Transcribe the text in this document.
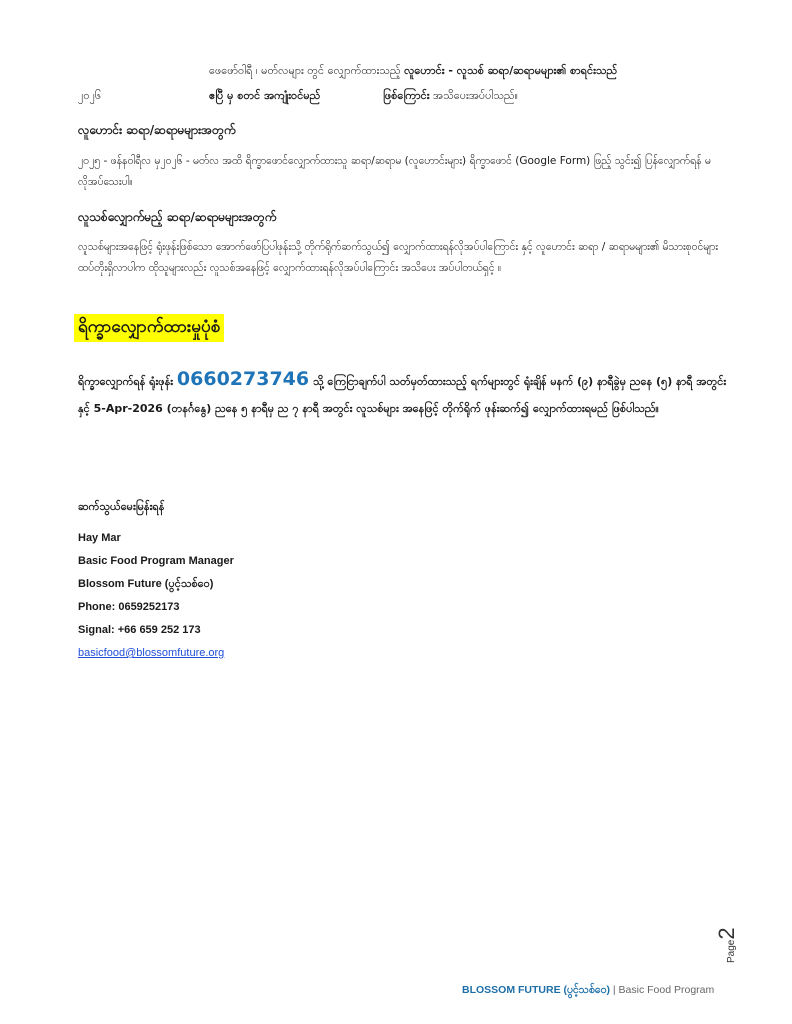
ဖေဖော်ဝါရီ ၊ မတ်လများ တွင် လျှောက်ထားသည့် လူဟောင်း - လူသစ် ဆရာ/ဆရာမများ၏ စာရင်းသည်
၂၀၂၆	ဧပြီ မှ စတင် အကျုံးဝင်မည်	ဖြစ်ကြောင်း အသိပေးအပ်ပါသည်။
လူဟောင်း ဆရာ/ဆရာမများအတွက်
၂၀၂၅ - ဖန်နဝါရီလ မှ၂၀၂၆ - မတ်လ အထိ ရိက္ခာဖောင်လျှောက်ထားသူ ဆရာ/ဆရာမ (လူဟောင်းများ) ရိက္ခာဖောင် (Google Form) ဖြည့် သွင်း၍ ပြန်လျှောက်ရန် မလိုအပ်သေးပါ။
လူသစ်လျှောက်မည့် ဆရာ/ဆရာမများအတွက်
လူသစ်များအနေဖြင့် ရုံးဖုန်းဖြစ်သော အောက်ဖော်ပြပါဖုန်းသို့ တိုက်ရိုက်ဆက်သွယ်၍ လျှောက်ထားရန်လိုအပ်ပါကြောင်း နှင့် လူဟောင်း ဆရာ / ဆရာမများ၏ မိသားစုဝင်များ ထပ်တိုးရှိလာပါက ထိုသူများလည်း လူသစ်အနေဖြင့် လျှောက်ထားရန်လိုအပ်ပါကြောင်း အသိပေး အပ်ပါတယ်ရှင့် ။
ရိက္ခာလျှောက်ထားမှုပုံစံ
ရိက္ခာလျှောက်ရန် ရုံးဖုန်း 0660273746 သို့ ကြေငြာချက်ပါ သတ်မှတ်ထားသည့် ရက်များတွင် ရုံးချိန် မနက် (၉) နာရီခွဲမှ ညနေ (၅) နာရီ အတွင်းနှင့် 5-Apr-2026 (တနင်္ဂနွေ) ညနေ ၅ နာရီမှ ည ၇ နာရီ အတွင်း လူသစ်များ အနေဖြင့် တိုက်ရိုက် ဖုန်းဆက်၍ လျှောက်ထားရမည် ဖြစ်ပါသည်။
ဆက်သွယ်မေးမြန်းရန်
Hay Mar
Basic Food Program Manager
Blossom Future (ပွင့်သစ်ဝေ)
Phone: 0659252173
Signal: +66 659 252 173
basicfood@blossomfuture.org
Page2
BLOSSOM FUTURE (ပွင့်သစ်ဝေ) | Basic Food Program
